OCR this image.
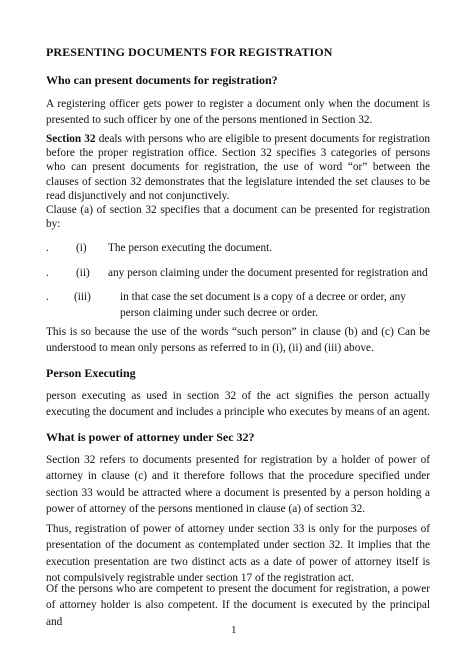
PRESENTING DOCUMENTS FOR REGISTRATION
Who can present documents for registration?

A registering officer gets power to register a document only when the document is presented to such officer by one of the persons mentioned in Section 32.

Section 32 deals with persons who are eligible to present documents for registration before the proper registration office. Section 32 specifies 3 categories of persons who can present documents for registration, the use of word “or” between the clauses of section 32 demonstrates that the legislature intended the set clauses to be read disjunctively and not conjunctively.

Clause (a) of section 32 specifies that a document can be presented for registration by:

. (i) The person executing the document.
. (ii) any person claiming under the document presented for registration and
. (iii)	in that case the set document is a copy of a decree or order, any person claiming under such decree or order.

This is so because the use of the words “such person” in clause (b) and (c) Can be understood to mean only persons as referred to in (i), (ii) and (iii) above.

Person Executing

person executing as used in section 32 of the act signifies the person actually executing the document and includes a principle who executes by means of an agent.

What is power of attorney under Sec 32?

Section 32 refers to documents presented for registration by a holder of power of attorney in clause (c) and it therefore follows that the procedure specified under section 33 would be attracted where a document is presented by a person holding a power of attorney of the persons mentioned in clause (a) of section 32.

Thus, registration of power of attorney under section 33 is only for the purposes of presentation of the document as contemplated under section 32. It implies that the execution presentation are two distinct acts as a date of power of attorney itself is not compulsively registrable under section 17 of the registration act.

Of the persons who are competent to present the document for registration, a power of attorney holder is also competent. If the document is executed by the principal and

1
